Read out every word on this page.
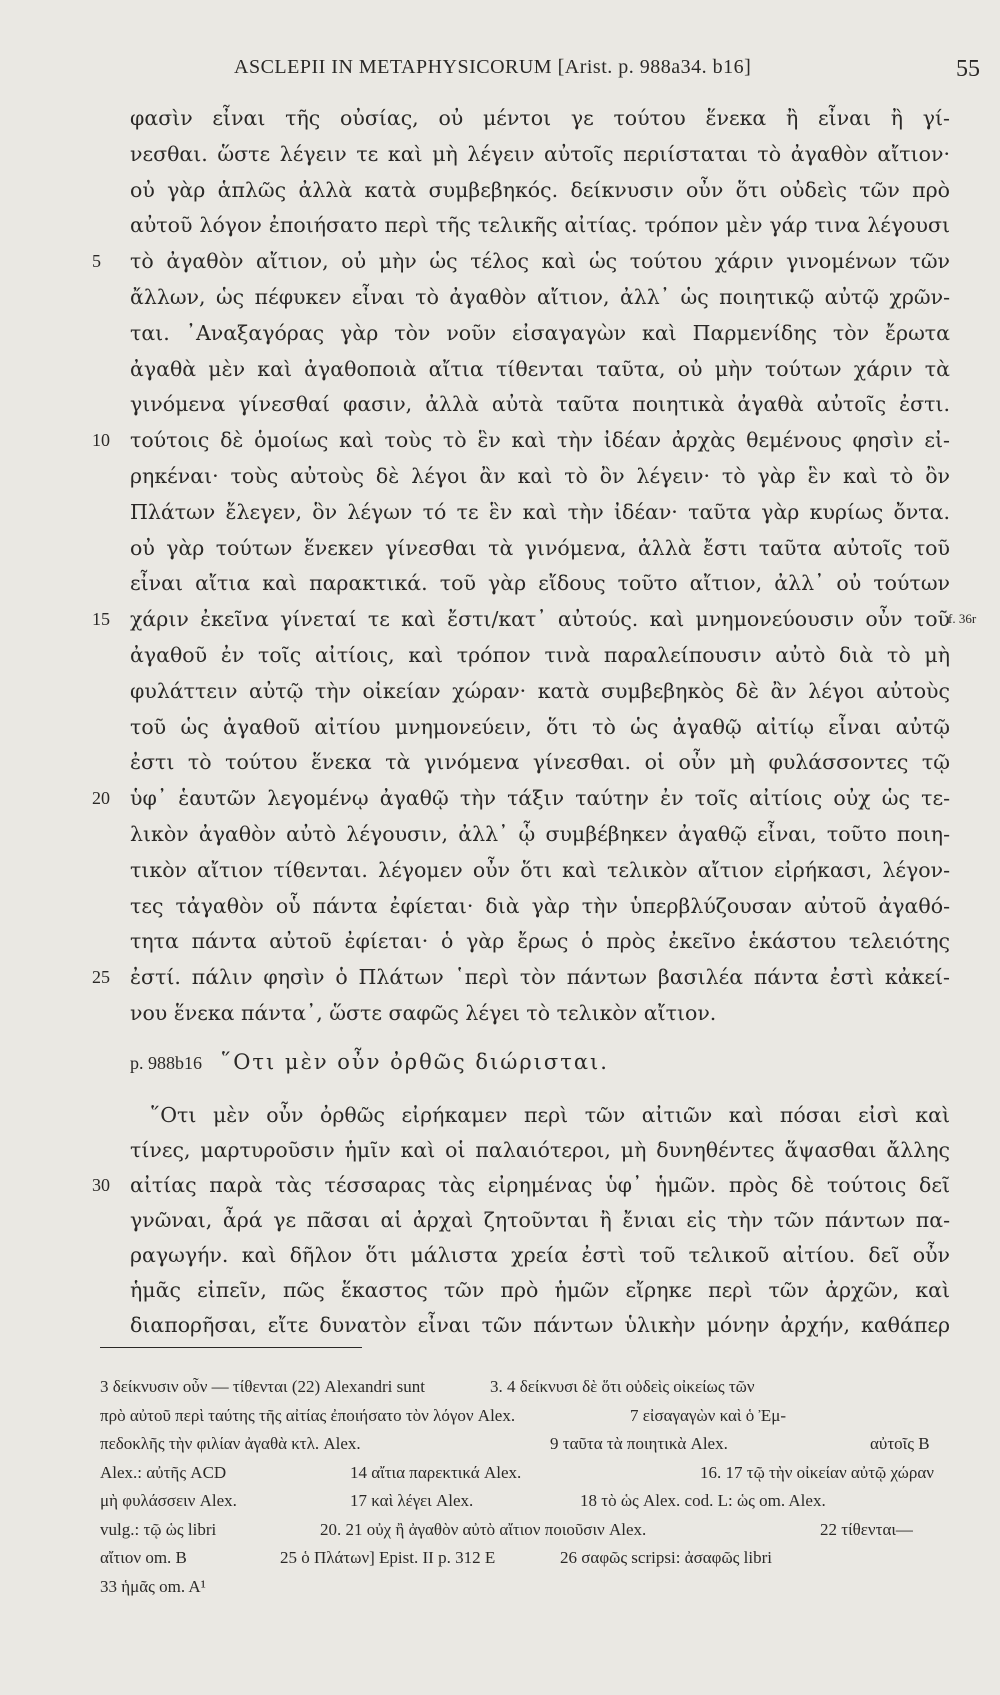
ASCLEPII IN METAPHYSICORUM [Arist. p. 988a34. b16]	55
φασὶν εἶναι τῆς οὐσίας, οὐ μέντοι γε τούτου ἕνεκα ἢ εἶναι ἢ γί-
νεσθαι. ὥστε λέγειν τε καὶ μὴ λέγειν αὐτοῖς περιίσταται τὸ ἀγαθὸν αἴτιον·
οὐ γὰρ ἁπλῶς ἀλλὰ κατὰ συμβεβηκός. δείκνυσιν οὖν ὅτι οὐδεὶς τῶν πρὸ
αὐτοῦ λόγον ἐποιήσατο περὶ τῆς τελικῆς αἰτίας. τρόπον μὲν γάρ τινα λέγουσι
5	τὸ ἀγαθὸν αἴτιον, οὐ μὴν ὡς τέλος καὶ ὡς τούτου χάριν γινομένων τῶν
ἄλλων, ὡς πέφυκεν εἶναι τὸ ἀγαθὸν αἴτιον, ἀλλ᾽ ὡς ποιητικῷ αὐτῷ χρῶν-
ται. ᾿Αναξαγόρας γὰρ τὸν νοῦν εἰσαγαγὼν καὶ Παρμενίδης τὸν ἔρωτα
ἀγαθὰ μὲν καὶ ἀγαθοποιὰ αἴτια τίθενται ταῦτα, οὐ μὴν τούτων χάριν τὰ
γινόμενα γίνεσθαί φασιν, ἀλλὰ αὐτὰ ταῦτα ποιητικὰ ἀγαθὰ αὐτοῖς ἐστι.
10 τούτοις δὲ ὁμοίως καὶ τοὺς τὸ ἓν καὶ τὴν ἰδέαν ἀρχὰς θεμένους φησὶν εἰ-
ρηκέναι· τοὺς αὐτοὺς δὲ λέγοι ἂν καὶ τὸ ὂν λέγειν· τὸ γὰρ ἓν καὶ τὸ ὂν
Πλάτων ἔλεγεν, ὃν λέγων τό τε ἓν καὶ τὴν ἰδέαν· ταῦτα γὰρ κυρίως ὄντα.
οὐ γὰρ τούτων ἕνεκεν γίνεσθαι τὰ γινόμενα, ἀλλὰ ἔστι ταῦτα αὐτοῖς τοῦ
εἶναι αἴτια καὶ παρακτικά. τοῦ γὰρ εἴδους τοῦτο αἴτιον, ἀλλ᾽ οὐ τούτων
15 χάριν ἐκεῖνα γίνεταί τε καὶ ἔστι/κατ᾽ αὐτούς. καὶ μνημονεύουσιν οὖν τοῦ
ἀγαθοῦ ἐν τοῖς αἰτίοις, καὶ τρόπον τινὰ παραλείπουσιν αὐτὸ διὰ τὸ μὴ
φυλάττειν αὐτῷ τὴν οἰκείαν χώραν· κατὰ συμβεβηκὸς δὲ ἂν λέγοι αὐτοὺς
τοῦ ὡς ἀγαθοῦ αἰτίου μνημονεύειν, ὅτι τὸ ὡς ἀγαθῷ αἰτίῳ εἶναι αὐτῷ
ἐστι τὸ τούτου ἕνεκα τὰ γινόμενα γίνεσθαι. οἱ οὖν μὴ φυλάσσοντες τῷ
20 ὑφ᾽ ἑαυτῶν λεγομένῳ ἀγαθῷ τὴν τάξιν ταύτην ἐν τοῖς αἰτίοις οὐχ ὡς τε-
λικὸν ἀγαθὸν αὐτὸ λέγουσιν, ἀλλ᾽ ᾧ συμβέβηκεν ἀγαθῷ εἶναι, τοῦτο ποιη-
τικὸν αἴτιον τίθενται. λέγομεν οὖν ὅτι καὶ τελικὸν αἴτιον εἰρήκασι, λέγον-
τες τἀγαθὸν οὗ πάντα ἐφίεται· διὰ γὰρ τὴν ὑπερβλύζουσαν αὐτοῦ ἀγαθό-
τητα πάντα αὐτοῦ ἐφίεται· ὁ γὰρ ἔρως ὁ πρὸς ἐκεῖνο ἑκάστου τελειότης
25 ἐστί. πάλιν φησὶν ὁ Πλάτων ῾περὶ τὸν πάντων βασιλέα πάντα ἐστὶ κἀκεί-
νου ἕνεκα πάντα᾽, ὥστε σαφῶς λέγει τὸ τελικὸν αἴτιον.
f. 36r
p. 988b16 ῞Οτι μὲν οὖν ὀρθῶς διώρισται.
῞Οτι μὲν οὖν ὀρθῶς εἰρήκαμεν περὶ τῶν αἰτιῶν καὶ πόσαι εἰσὶ καὶ
τίνες, μαρτυροῦσιν ἡμῖν καὶ οἱ παλαιότεροι, μὴ δυνηθέντες ἅψασθαι ἄλλης
30 αἰτίας παρὰ τὰς τέσσαρας τὰς εἰρημένας ὑφ᾽ ἡμῶν. πρὸς δὲ τούτοις δεῖ
γνῶναι, ἆρά γε πᾶσαι αἱ ἀρχαὶ ζητοῦνται ἢ ἔνιαι εἰς τὴν τῶν πάντων πα-
ραγωγήν. καὶ δῆλον ὅτι μάλιστα χρεία ἐστὶ τοῦ τελικοῦ αἰτίου. δεῖ οὖν
ἡμᾶς εἰπεῖν, πῶς ἕκαστος τῶν πρὸ ἡμῶν εἴρηκε περὶ τῶν ἀρχῶν, καὶ
διαπορῆσαι, εἴτε δυνατὸν εἶναι τῶν πάντων ὑλικὴν μόνην ἀρχήν, καθάπερ
3 δείκνυσιν οὖν — τίθενται (22) Alexandri sunt	3. 4 δείκνυσι δὲ ὅτι οὐδεὶς οἰκείως τῶν
πρὸ αὐτοῦ περὶ ταύτης τῆς αἰτίας ἐποιήσατο τὸν λόγον Alex.	7 εἰσαγαγὼν καὶ ὁ Ἐμ-
πεδοκλῆς τὴν φιλίαν ἀγαθὰ κτλ. Alex.	9 ταῦτα τὰ ποιητικὰ Alex.	αὐτοῖς B
Alex.: αὐτῆς ACD	14 αἴτια παρεκτικά Alex.	16. 17 τῷ τὴν οἰκείαν αὐτῷ χώραν
μὴ φυλάσσειν Alex.	17 καὶ λέγει Alex.	18 τὸ ὡς Alex. cod. L: ὡς om. Alex.
vulg.: τῷ ὡς libri	20. 21 οὐχ ἢ ἀγαθὸν αὐτὸ αἴτιον ποιοῦσιν Alex.	22 τίθενται—
αἴτιον om. B	25 ὁ Πλάτων] Epist. II p. 312 E	26 σαφῶς scripsi: ἀσαφῶς libri
33 ἡμᾶς om. A¹
